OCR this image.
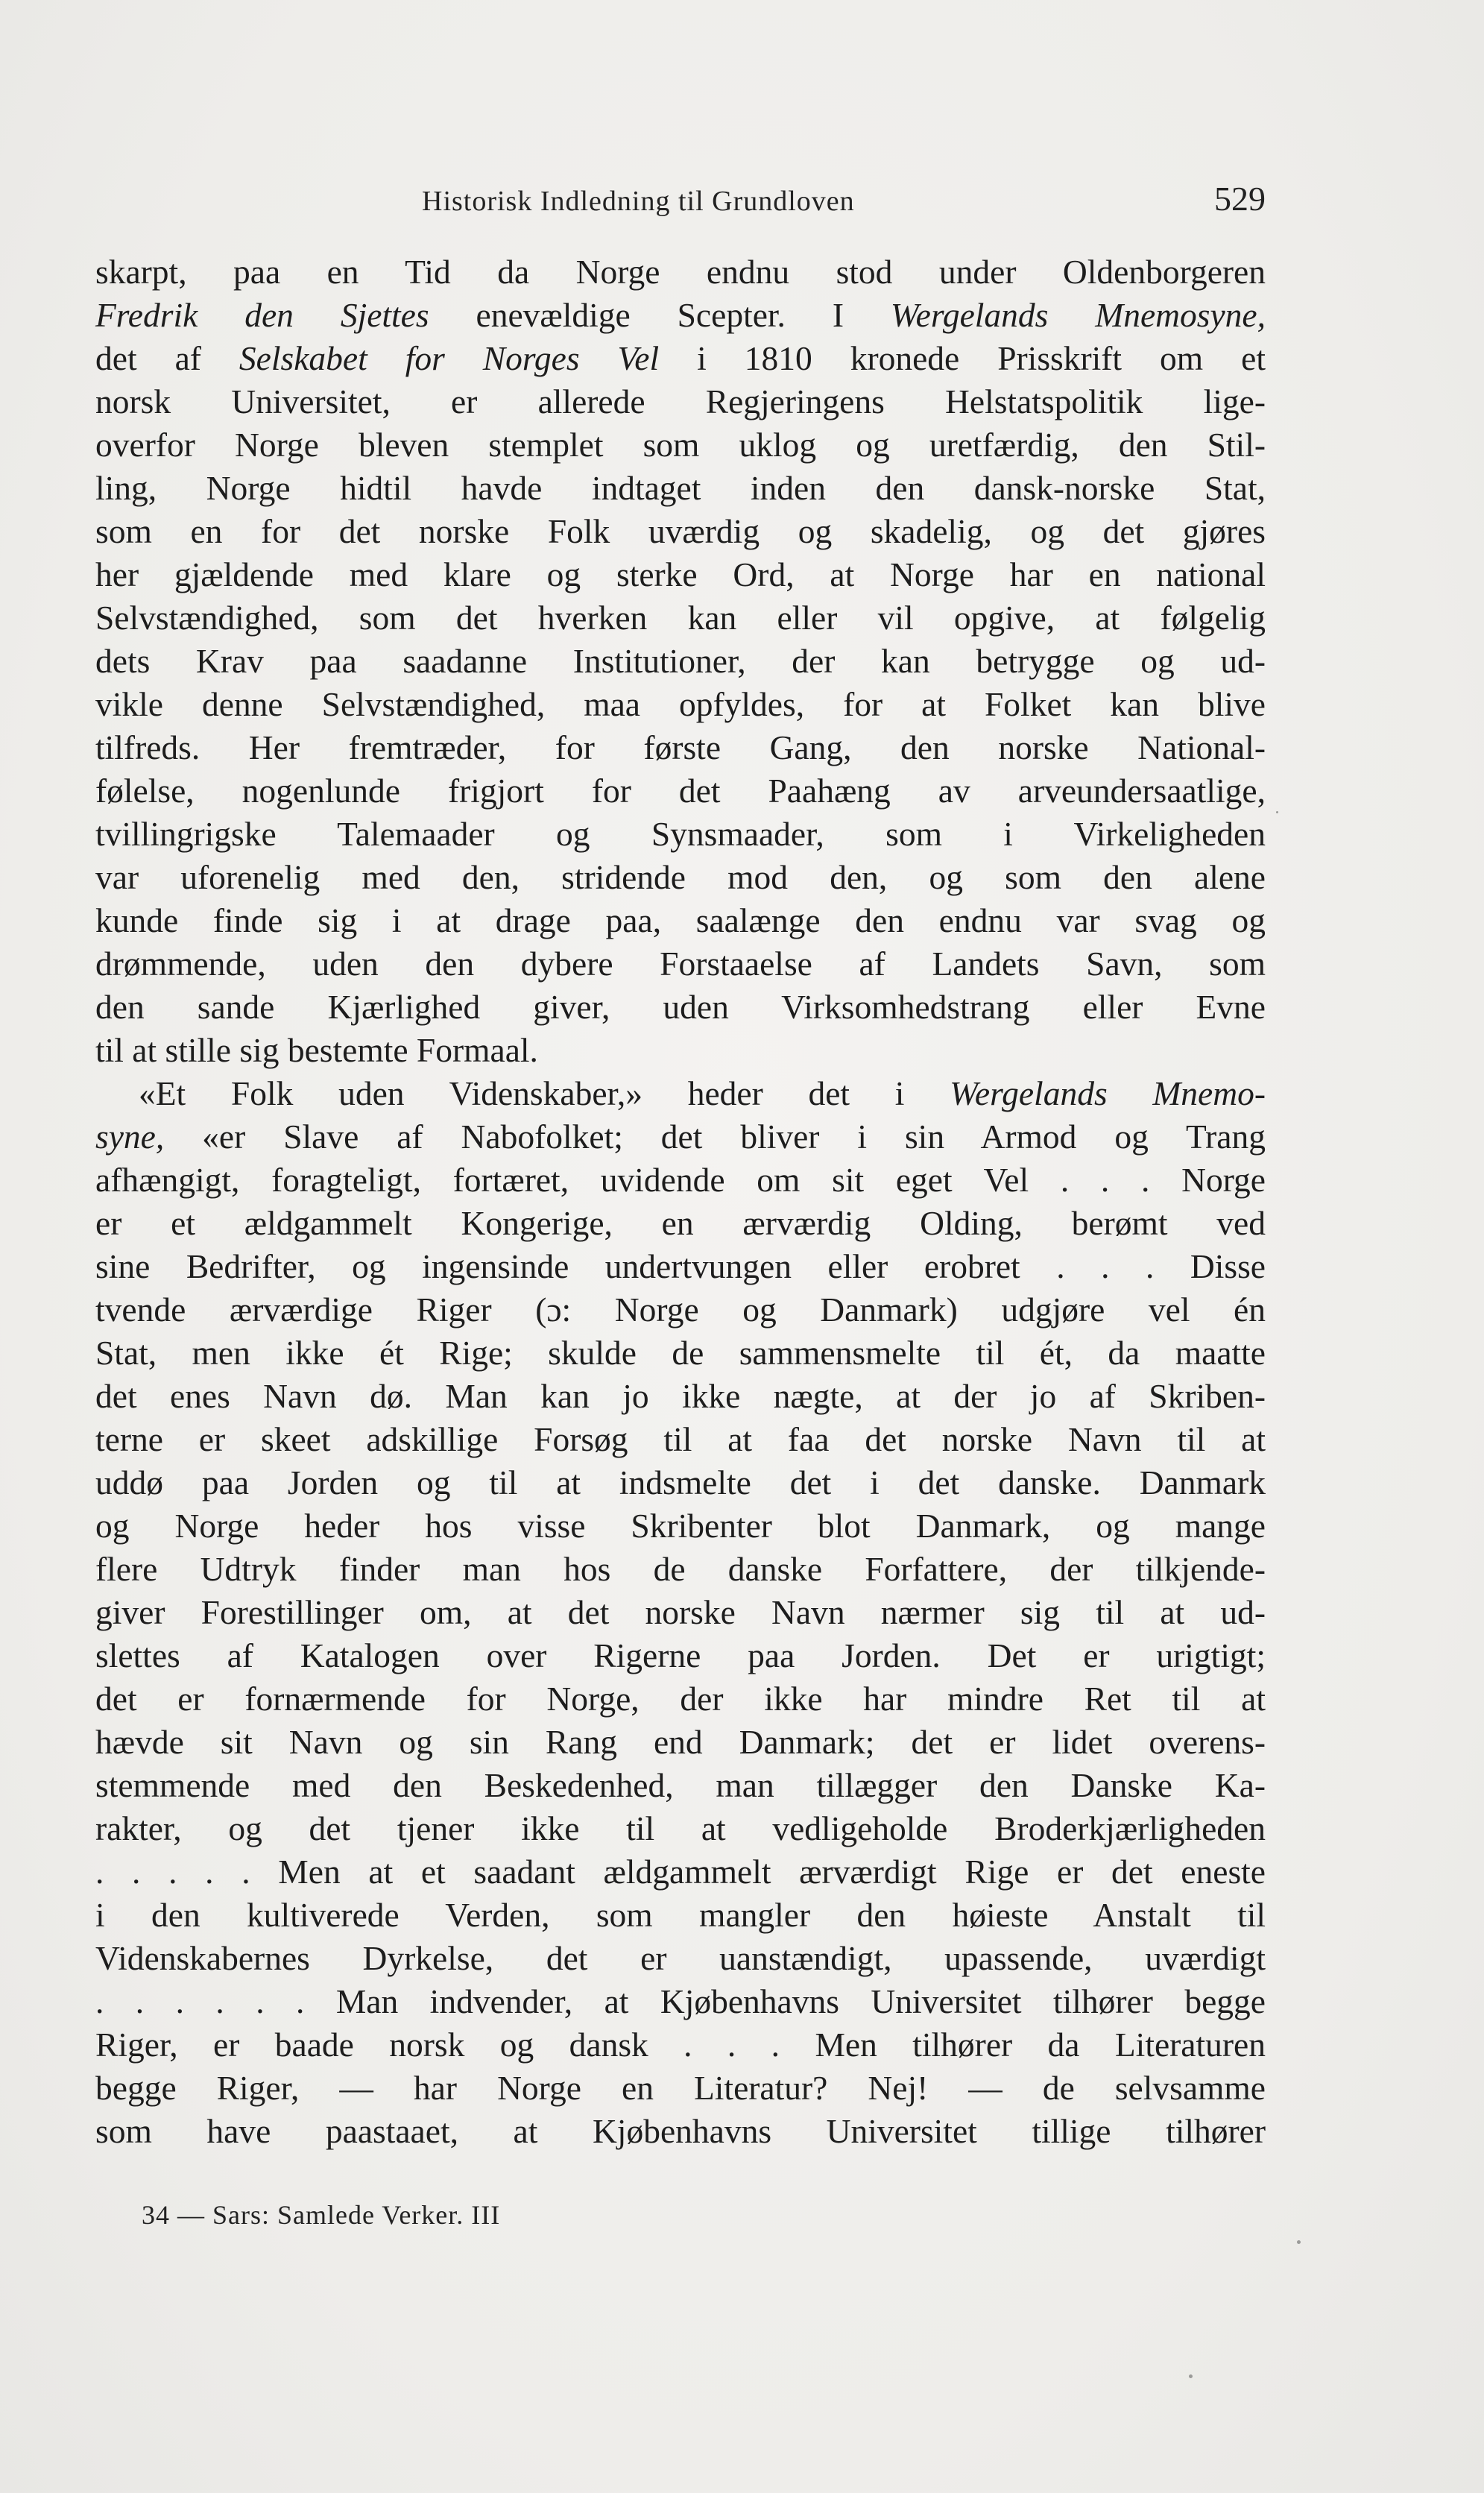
Historisk Indledning til Grundloven	529
skarpt, paa en Tid da Norge endnu stod under Oldenborgeren
Fredrik den Sjettes enevældige Scepter. I Wergelands Mnemosyne,
det af Selskabet for Norges Vel i 1810 kronede Prisskrift om et
norsk Universitet, er allerede Regjeringens Helstatspolitik lige-
overfor Norge bleven stemplet som uklog og uretfærdig, den Stil-
ling, Norge hidtil havde indtaget inden den dansk-norske Stat,
som en for det norske Folk uværdig og skadelig, og det gjøres
her gjældende med klare og sterke Ord, at Norge har en national
Selvstændighed, som det hverken kan eller vil opgive, at følgelig
dets Krav paa saadanne Institutioner, der kan betrygge og ud-
vikle denne Selvstændighed, maa opfyldes, for at Folket kan blive
tilfreds. Her fremtræder, for første Gang, den norske National-
følelse, nogenlunde frigjort for det Paahæng av arveundersaatlige,
tvillingrigske Talemaader og Synsmaader, som i Virkeligheden
var uforenelig med den, stridende mod den, og som den alene
kunde finde sig i at drage paa, saalænge den endnu var svag og
drømmende, uden den dybere Forstaaelse af Landets Savn, som
den sande Kjærlighed giver, uden Virksomhedstrang eller Evne
til at stille sig bestemte Formaal.
«Et Folk uden Videnskaber,» heder det i Wergelands Mnemo-
syne, «er Slave af Nabofolket; det bliver i sin Armod og Trang
afhængigt, foragteligt, fortæret, uvidende om sit eget Vel . . . Norge
er et ældgammelt Kongerige, en ærværdig Olding, berømt ved
sine Bedrifter, og ingensinde undertvungen eller erobret . . . Disse
tvende ærværdige Riger (ɔ: Norge og Danmark) udgjøre vel én
Stat, men ikke ét Rige; skulde de sammensmelte til ét, da maatte
det enes Navn dø. Man kan jo ikke nægte, at der jo af Skriben-
terne er skeet adskillige Forsøg til at faa det norske Navn til at
uddø paa Jorden og til at indsmelte det i det danske. Danmark
og Norge heder hos visse Skribenter blot Danmark, og mange
flere Udtryk finder man hos de danske Forfattere, der tilkjende-
giver Forestillinger om, at det norske Navn nærmer sig til at ud-
slettes af Katalogen over Rigerne paa Jorden. Det er urigtigt;
det er fornærmende for Norge, der ikke har mindre Ret til at
hævde sit Navn og sin Rang end Danmark; det er lidet overens-
stemmende med den Beskedenhed, man tillægger den Danske Ka-
rakter, og det tjener ikke til at vedligeholde Broderkjærligheden
. . . . . Men at et saadant ældgammelt ærværdigt Rige er det eneste
i den kultiverede Verden, som mangler den høieste Anstalt til
Videnskabernes Dyrkelse, det er uanstændigt, upassende, uværdigt
. . . . . . Man indvender, at Kjøbenhavns Universitet tilhører begge
Riger, er baade norsk og dansk . . . Men tilhører da Literaturen
begge Riger, — har Norge en Literatur? Nej! — de selvsamme
som have paastaaet, at Kjøbenhavns Universitet tillige tilhører
34 — Sars: Samlede Verker. III
